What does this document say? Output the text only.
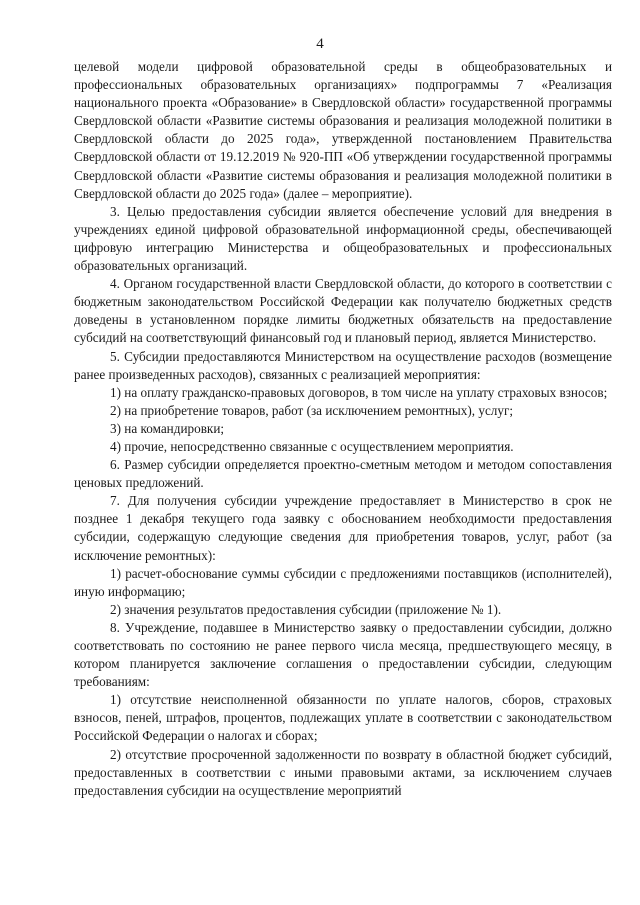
4

целевой модели цифровой образовательной среды в общеобразовательных и профессиональных образовательных организациях» подпрограммы 7 «Реализация национального проекта «Образование» в Свердловской области» государственной программы Свердловской области «Развитие системы образования и реализация молодежной политики в Свердловской области до 2025 года», утвержденной постановлением Правительства Свердловской области от 19.12.2019 № 920-ПП «Об утверждении государственной программы Свердловской области «Развитие системы образования и реализация молодежной политики в Свердловской области до 2025 года» (далее – мероприятие).

3. Целью предоставления субсидии является обеспечение условий для внедрения в учреждениях единой цифровой образовательной информационной среды, обеспечивающей цифровую интеграцию Министерства и общеобразовательных и профессиональных образовательных организаций.

4. Органом государственной власти Свердловской области, до которого в соответствии с бюджетным законодательством Российской Федерации как получателю бюджетных средств доведены в установленном порядке лимиты бюджетных обязательств на предоставление субсидий на соответствующий финансовый год и плановый период, является Министерство.

5. Субсидии предоставляются Министерством на осуществление расходов (возмещение ранее произведенных расходов), связанных с реализацией мероприятия:

1) на оплату гражданско-правовых договоров, в том числе на уплату страховых взносов;

2) на приобретение товаров, работ (за исключением ремонтных), услуг;

3) на командировки;

4) прочие, непосредственно связанные с осуществлением мероприятия.

6. Размер субсидии определяется проектно-сметным методом и методом сопоставления ценовых предложений.

7. Для получения субсидии учреждение предоставляет в Министерство в срок не позднее 1 декабря текущего года заявку с обоснованием необходимости предоставления субсидии, содержащую следующие сведения для приобретения товаров, услуг, работ (за исключение ремонтных):

1) расчет-обоснование суммы субсидии с предложениями поставщиков (исполнителей), иную информацию;

2) значения результатов предоставления субсидии (приложение № 1).

8. Учреждение, подавшее в Министерство заявку о предоставлении субсидии, должно соответствовать по состоянию не ранее первого числа месяца, предшествующего месяцу, в котором планируется заключение соглашения о предоставлении субсидии, следующим требованиям:

1) отсутствие неисполненной обязанности по уплате налогов, сборов, страховых взносов, пеней, штрафов, процентов, подлежащих уплате в соответствии с законодательством Российской Федерации о налогах и сборах;

2) отсутствие просроченной задолженности по возврату в областной бюджет субсидий, предоставленных в соответствии с иными правовыми актами, за исключением случаев предоставления субсидии на осуществление мероприятий
